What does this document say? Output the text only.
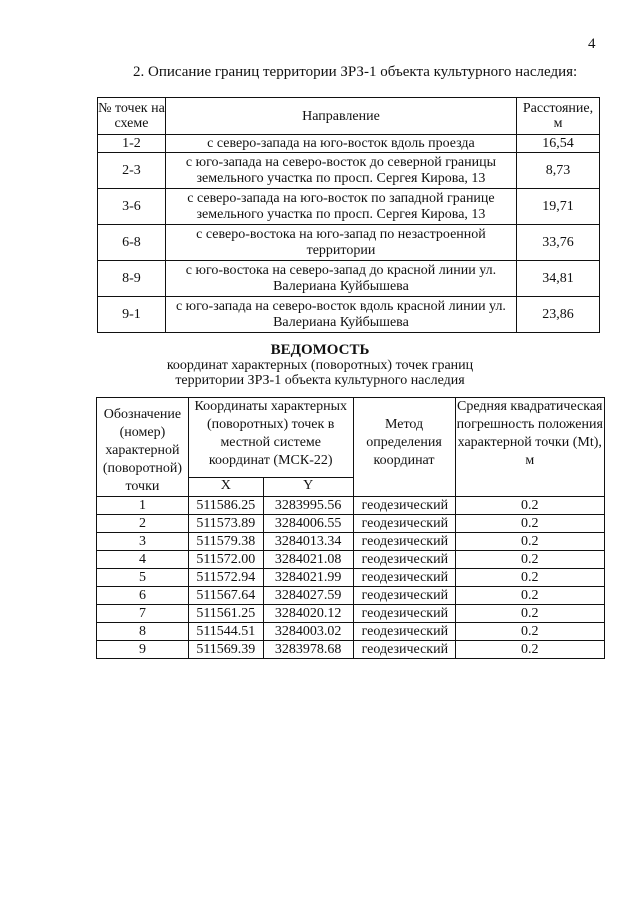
4
2. Описание границ территории ЗРЗ-1 объекта культурного наследия:
№ точек на схеме	Направление	Расстояние, м
1-2	с северо-запада на юго-восток вдоль проезда	16,54
2-3	с юго-запада на северо-восток до северной границы земельного участка по просп. Сергея Кирова, 13	8,73
3-6	с северо-запада на юго-восток по западной границе земельного участка по просп. Сергея Кирова, 13	19,71
6-8	с северо-востока на юго-запад по незастроенной территории	33,76
8-9	с юго-востока на северо-запад до красной линии ул. Валериана Куйбышева	34,81
9-1	с юго-запада на северо-восток вдоль красной линии ул. Валериана Куйбышева	23,86
ВЕДОМОСТЬ
координат характерных (поворотных) точек границ
территории ЗРЗ-1 объекта культурного наследия
Обозначение (номер) характерной (поворотной) точки	Координаты характерных (поворотных) точек в местной системе координат (МСК-22)		Метод определения координат	Средняя квадратическая погрешность положения характерной точки (Mt), м
	X	Y		
1	511586.25	3283995.56	геодезический	0.2
2	511573.89	3284006.55	геодезический	0.2
3	511579.38	3284013.34	геодезический	0.2
4	511572.00	3284021.08	геодезический	0.2
5	511572.94	3284021.99	геодезический	0.2
6	511567.64	3284027.59	геодезический	0.2
7	511561.25	3284020.12	геодезический	0.2
8	511544.51	3284003.02	геодезический	0.2
9	511569.39	3283978.68	геодезический	0.2
